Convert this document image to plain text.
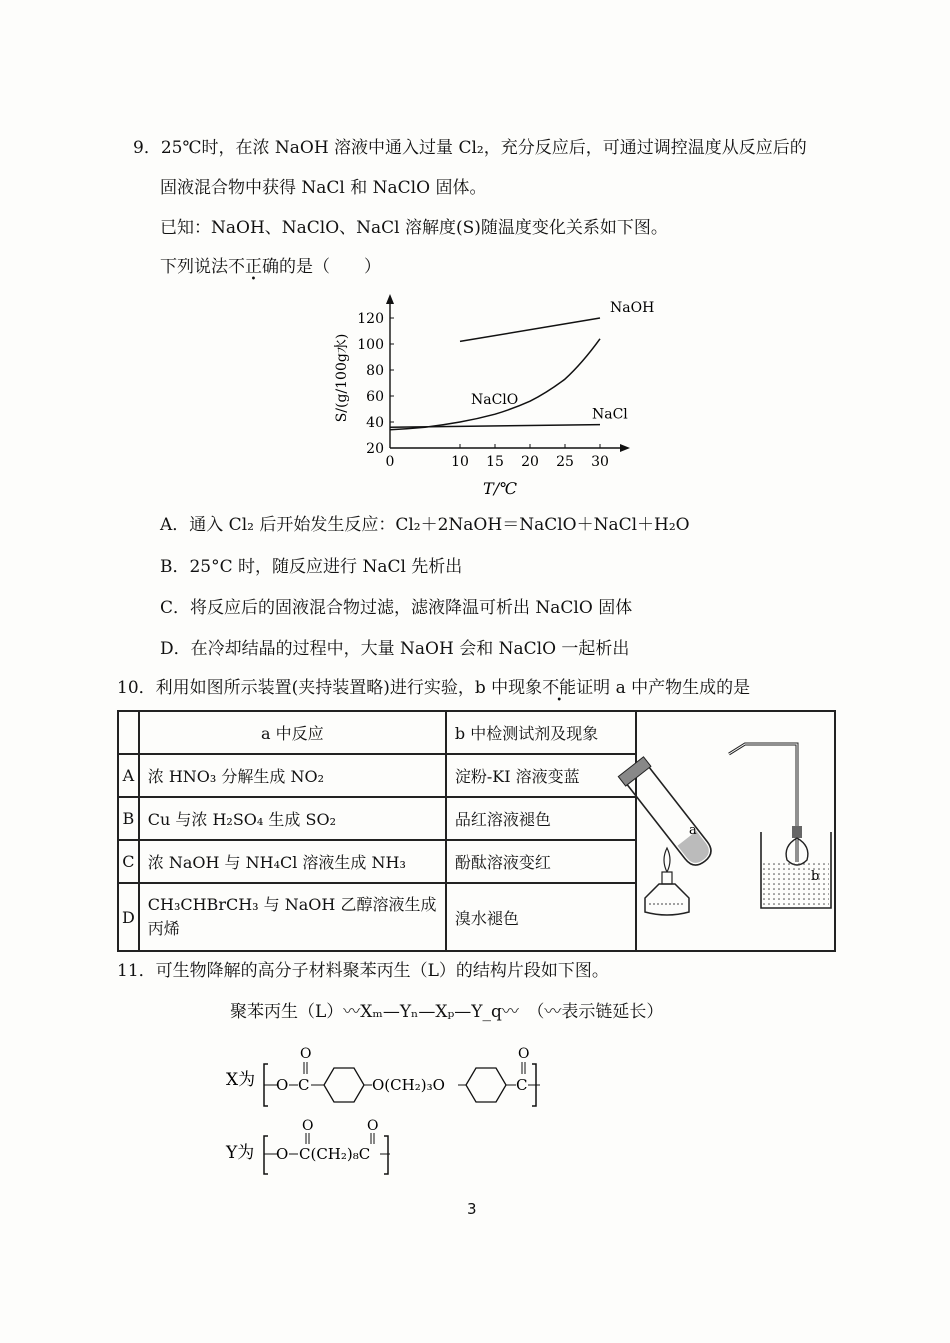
9．25℃时，在浓 NaOH 溶液中通入过量 Cl₂，充分反应后，可通过调控温度从反应后的
固液混合物中获得 NaCl 和 NaClO 固体。
已知：NaOH、NaClO、NaCl 溶解度(S)随温度变化关系如下图。
下列说法不正确的是（　　）
0	10 15 20 25 30
20
40
60
80
100
120
NaOH
NaClO
NaCl
T/℃
S/(g/100g水)
A．通入 Cl₂ 后开始发生反应：Cl₂＋2NaOH＝NaClO＋NaCl＋H₂O
B．25°C 时，随反应进行 NaCl 先析出
C．将反应后的固液混合物过滤，滤液降温可析出 NaClO 固体
D．在冷却结晶的过程中，大量 NaOH 会和 NaClO 一起析出
10．利用如图所示装置(夹持装置略)进行实验，b 中现象不能证明 a 中产物生成的是
	a 中反应	b 中检测试剂及现象	a
b

A	浓 HNO₃ 分解生成 NO₂	淀粉-KI 溶液变蓝	
B	Cu 与浓 H₂SO₄ 生成 SO₂	品红溶液褪色	
C	浓 NaOH 与 NH₄Cl 溶液生成 NH₃	酚酞溶液变红	
D	CH₃CHBrCH₃ 与 NaOH 乙醇溶液生成丙烯	溴水褪色	
11．可生物降解的高分子材料聚苯丙生（L）的结构片段如下图。
聚苯丙生（L）〰Xₘ—Yₙ—Xₚ—Y_q〰　（〰表示链延长）
X为 O C
O
O(CH₂)₃O	C
O
Y为 O
O
C(CH₂)₈C
O
3
